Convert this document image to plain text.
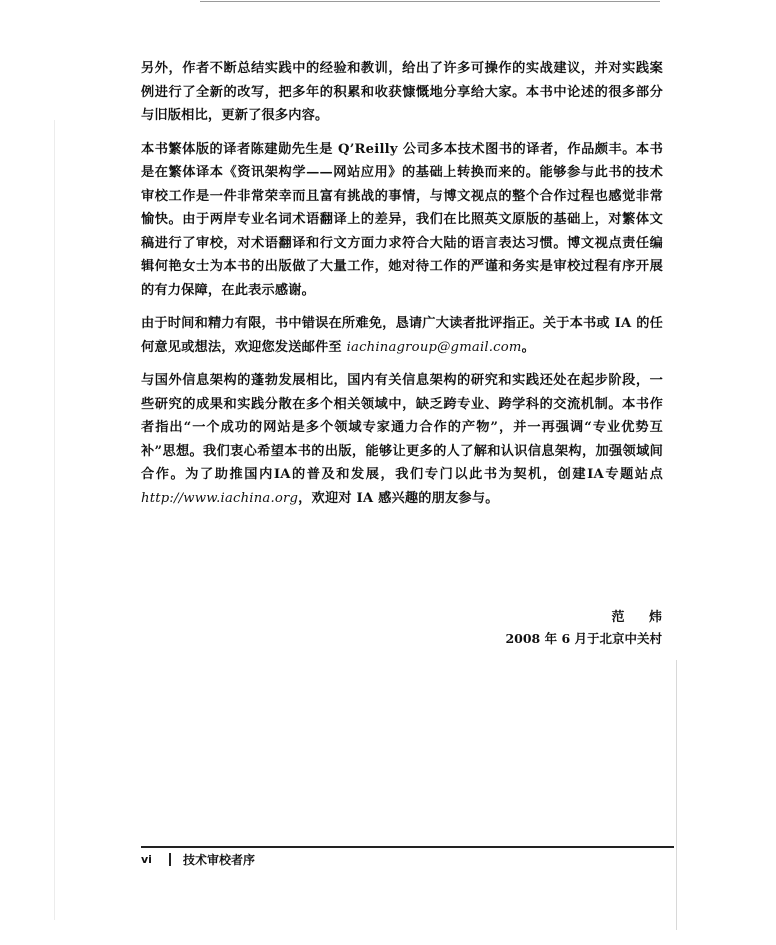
另外，作者不断总结实践中的经验和教训，给出了许多可操作的实战建议，并对实践案例进行了全新的改写，把多年的积累和收获慷慨地分享给大家。本书中论述的很多部分与旧版相比，更新了很多内容。

本书繁体版的译者陈建勋先生是 Q’Reilly 公司多本技术图书的译者，作品颇丰。本书是在繁体译本《资讯架构学——网站应用》的基础上转换而来的。能够参与此书的技术审校工作是一件非常荣幸而且富有挑战的事情，与博文视点的整个合作过程也感觉非常愉快。由于两岸专业名词术语翻译上的差异，我们在比照英文原版的基础上，对繁体文稿进行了审校，对术语翻译和行文方面力求符合大陆的语言表达习惯。博文视点责任编辑何艳女士为本书的出版做了大量工作，她对待工作的严谨和务实是审校过程有序开展的有力保障，在此表示感谢。

由于时间和精力有限，书中错误在所难免，恳请广大读者批评指正。关于本书或 IA 的任何意见或想法，欢迎您发送邮件至 iachinagroup@gmail.com。

与国外信息架构的蓬勃发展相比，国内有关信息架构的研究和实践还处在起步阶段，一些研究的成果和实践分散在多个相关领域中，缺乏跨专业、跨学科的交流机制。本书作者指出“一个成功的网站是多个领域专家通力合作的产物”，并一再强调“专业优势互补”思想。我们衷心希望本书的出版，能够让更多的人了解和认识信息架构，加强领域间合作。为了助推国内IA的普及和发展，我们专门以此书为契机，创建IA专题站点http://www.iachina.org，欢迎对 IA 感兴趣的朋友参与。

范 炜
2008 年 6 月于北京中关村
vi	技术审校者序
